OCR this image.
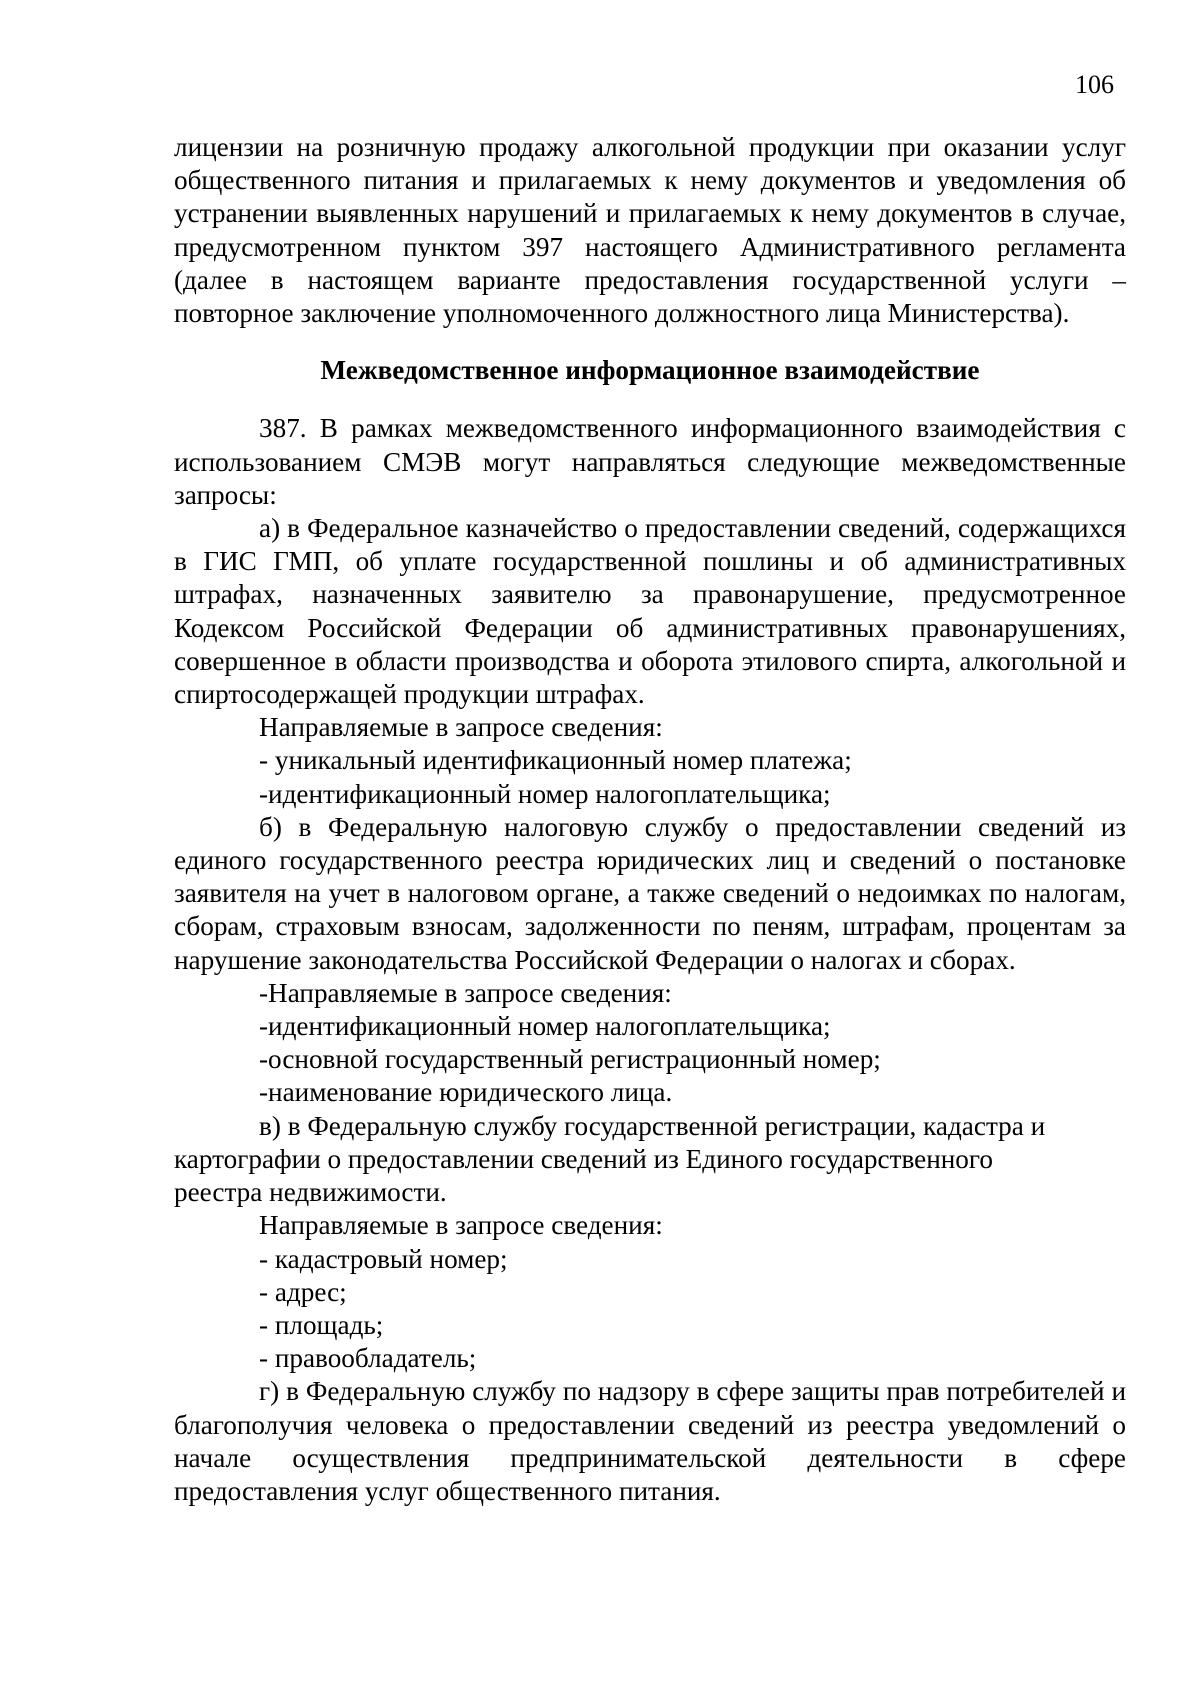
106

лицензии на розничную продажу алкогольной продукции при оказании услуг общественного питания и прилагаемых к нему документов и уведомления об устранении выявленных нарушений и прилагаемых к нему документов в случае, предусмотренном пунктом 397 настоящего Административного регламента (далее в настоящем варианте предоставления государственной услуги – повторное заключение уполномоченного должностного лица Министерства).

Межведомственное информационное взаимодействие

387. В рамках межведомственного информационного взаимодействия с использованием СМЭВ могут направляться следующие межведомственные запросы:

а) в Федеральное казначейство о предоставлении сведений, содержащихся в ГИС ГМП, об уплате государственной пошлины и об административных штрафах, назначенных заявителю за правонарушение, предусмотренное Кодексом Российской Федерации об административных правонарушениях, совершенное в области производства и оборота этилового спирта, алкогольной и спиртосодержащей продукции штрафах.

Направляемые в запросе сведения:

- уникальный идентификационный номер платежа;

-идентификационный номер налогоплательщика;

б) в Федеральную налоговую службу о предоставлении сведений из единого государственного реестра юридических лиц и сведений о постановке заявителя на учет в налоговом органе, а также сведений о недоимках по налогам, сборам, страховым взносам, задолженности по пеням, штрафам, процентам за нарушение законодательства Российской Федерации о налогах и сборах.

-Направляемые в запросе сведения:

-идентификационный номер налогоплательщика;

-основной государственный регистрационный номер;

-наименование юридического лица.

в) в Федеральную службу государственной регистрации, кадастра и

картографии о предоставлении сведений из Единого государственного

реестра недвижимости.

Направляемые в запросе сведения:

- кадастровый номер;

- адрес;

- площадь;

- правообладатель;

г) в Федеральную службу по надзору в сфере защиты прав потребителей и благополучия человека о предоставлении сведений из реестра уведомлений о начале осуществления предпринимательской деятельности в сфере предоставления услуг общественного питания.
